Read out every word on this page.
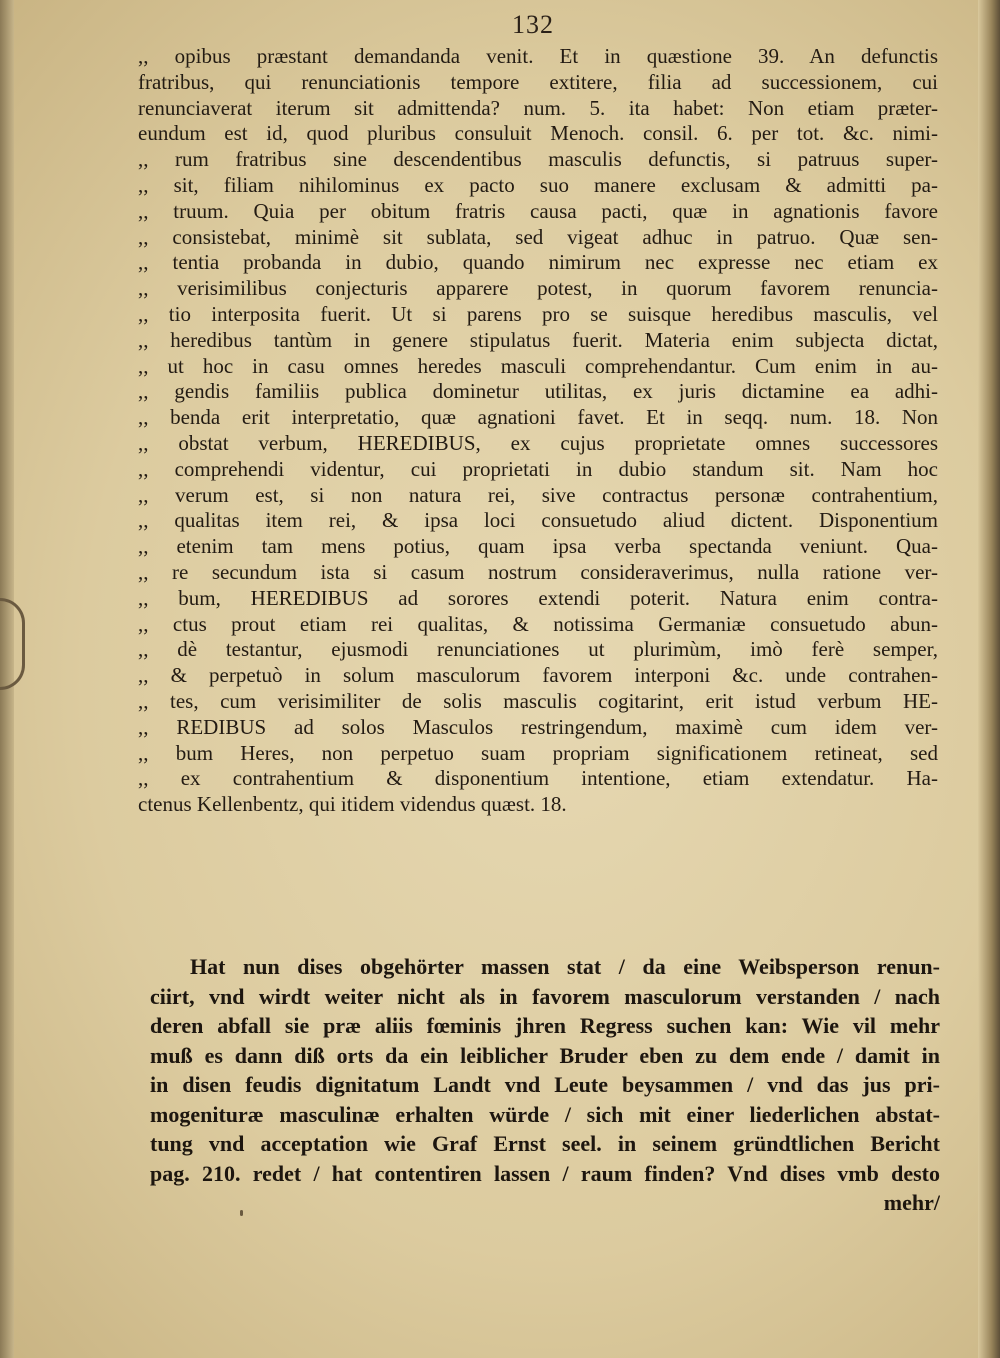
132
,, opibus præstant demandanda venit. Et in quæstione 39. An defunctis
fratribus, qui renunciationis tempore extitere, filia ad successionem, cui
renunciaverat iterum sit admittenda? num. 5. ita habet: Non etiam præter-
eundum est id, quod pluribus consuluit Menoch. consil. 6. per tot. &c. nimi-
,, rum fratribus sine descendentibus masculis defunctis, si patruus super-
,, sit, filiam nihilominus ex pacto suo manere exclusam & admitti pa-
,, truum. Quia per obitum fratris causa pacti, quæ in agnationis favore
,, consistebat, minimè sit sublata, sed vigeat adhuc in patruo. Quæ sen-
,, tentia probanda in dubio, quando nimirum nec expresse nec etiam ex
,, verisimilibus conjecturis apparere potest, in quorum favorem renuncia-
,, tio interposita fuerit. Ut si parens pro se suisque heredibus masculis, vel
,, heredibus tantùm in genere stipulatus fuerit. Materia enim subjecta dictat,
,, ut hoc in casu omnes heredes masculi comprehendantur. Cum enim in au-
,, gendis familiis publica dominetur utilitas, ex juris dictamine ea adhi-
,, benda erit interpretatio, quæ agnationi favet. Et in seqq. num. 18. Non
,, obstat verbum, HEREDIBUS, ex cujus proprietate omnes successores
,, comprehendi videntur, cui proprietati in dubio standum sit. Nam hoc
,, verum est, si non natura rei, sive contractus personæ contrahentium,
,, qualitas item rei, & ipsa loci consuetudo aliud dictent. Disponentium
,, etenim tam mens potius, quam ipsa verba spectanda veniunt. Qua-
,, re secundum ista si casum nostrum consideraverimus, nulla ratione ver-
,, bum, HEREDIBUS ad sorores extendi poterit. Natura enim contra-
,, ctus prout etiam rei qualitas, & notissima Germaniæ consuetudo abun-
,, dè testantur, ejusmodi renunciationes ut plurimùm, imò ferè semper,
,, & perpetuò in solum masculorum favorem interponi &c. unde contrahen-
,, tes, cum verisimiliter de solis masculis cogitarint, erit istud verbum HE-
,, REDIBUS ad solos Masculos restringendum, maximè cum idem ver-
,, bum Heres, non perpetuo suam propriam significationem retineat, sed
,, ex contrahentium & disponentium intentione, etiam extendatur. Ha-
ctenus Kellenbentz, qui itidem videndus quæst. 18.
Hat nun dises obgehörter massen stat / da eine Weibsperson renun-
ciirt, vnd wirdt weiter nicht als in favorem masculorum verstanden / nach
deren abfall sie præ aliis fœminis jhren Regress suchen kan: Wie vil mehr
muß es dann diß orts da ein leiblicher Bruder eben zu dem ende / damit in
in disen feudis dignitatum Landt vnd Leute beysammen / vnd das jus pri-
mogenituræ masculinæ erhalten würde / sich mit einer liederlichen abstat-
tung vnd acceptation wie Graf Ernst seel. in seinem gründtlichen Bericht
pag. 210. redet / hat contentiren lassen / raum finden? Vnd dises vmb desto
mehr/
